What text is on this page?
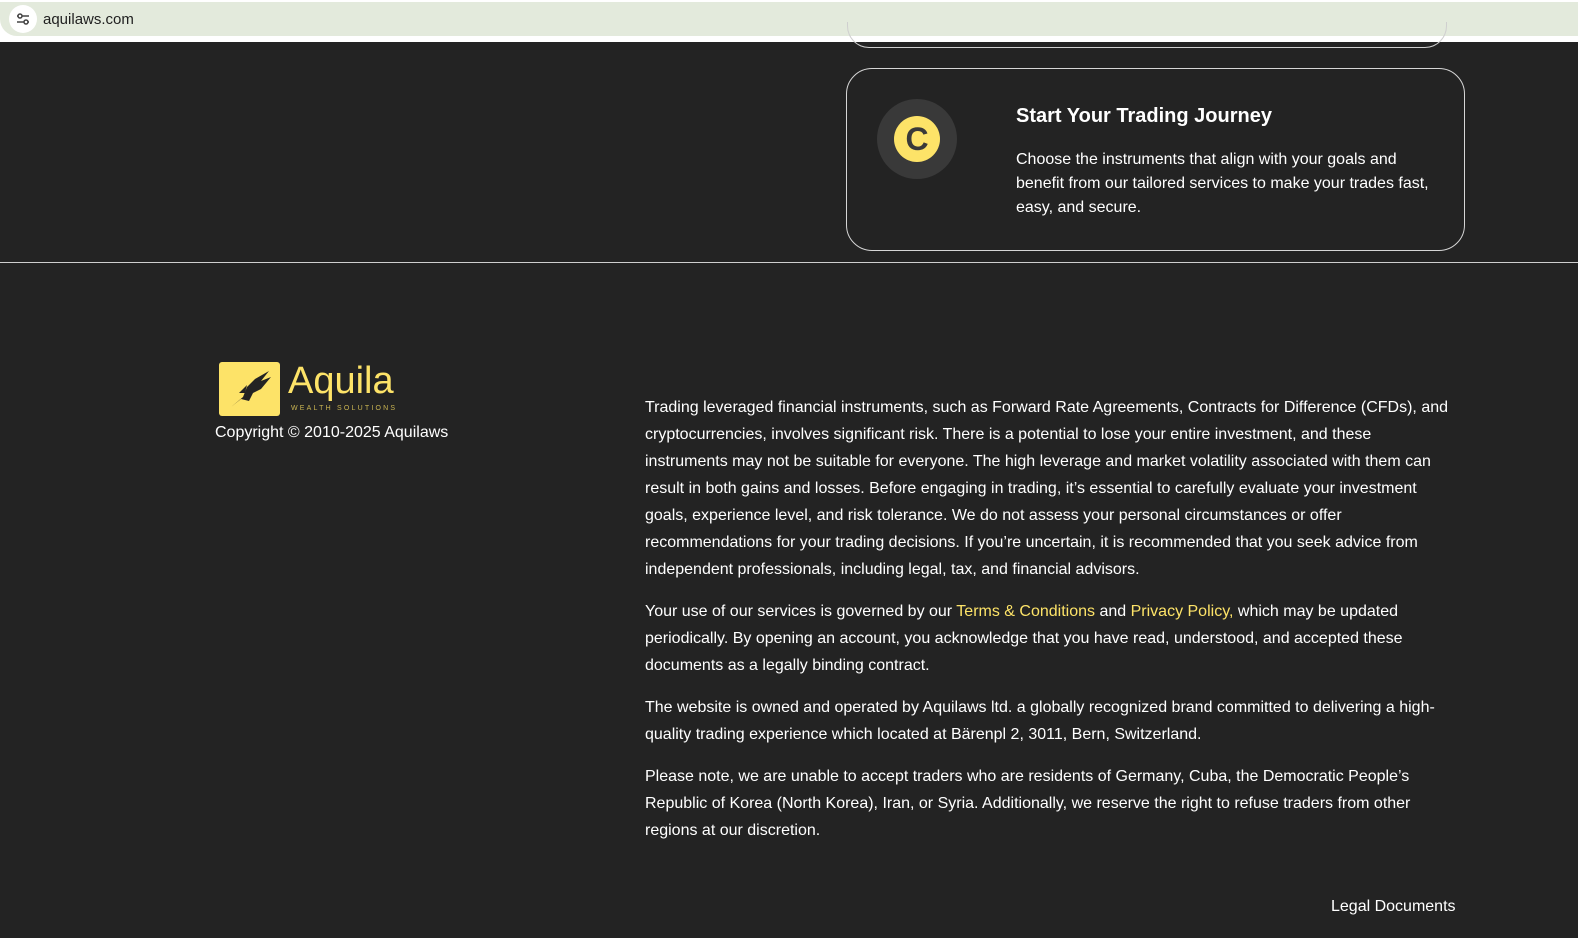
aquilaws.com
C
Start Your Trading Journey
Choose the instruments that align with your goals and benefit from our tailored services to make your trades fast, easy, and secure.
Aquila
WEALTH SOLUTIONS
Copyright © 2010-2025 Aquilaws

Trading leveraged financial instruments, such as Forward Rate Agreements, Contracts for Difference (CFDs), and cryptocurrencies, involves significant risk. There is a potential to lose your entire investment, and these instruments may not be suitable for everyone. The high leverage and market volatility associated with them can result in both gains and losses. Before engaging in trading, it’s essential to carefully evaluate your investment goals, experience level, and risk tolerance. We do not assess your personal circumstances or offer recommendations for your trading decisions. If you’re uncertain, it is recommended that you seek advice from independent professionals, including legal, tax, and financial advisors.

Your use of our services is governed by our Terms & Conditions and Privacy Policy, which may be updated periodically. By opening an account, you acknowledge that you have read, understood, and accepted these documents as a legally binding contract.

The website is owned and operated by Aquilaws ltd. a globally recognized brand committed to delivering a high-quality trading experience which located at Bärenpl 2, 3011, Bern, Switzerland.

Please note, we are unable to accept traders who are residents of Germany, Cuba, the Democratic People’s Republic of Korea (North Korea), Iran, or Syria. Additionally, we reserve the right to refuse traders from other regions at our discretion.

Legal Documents
